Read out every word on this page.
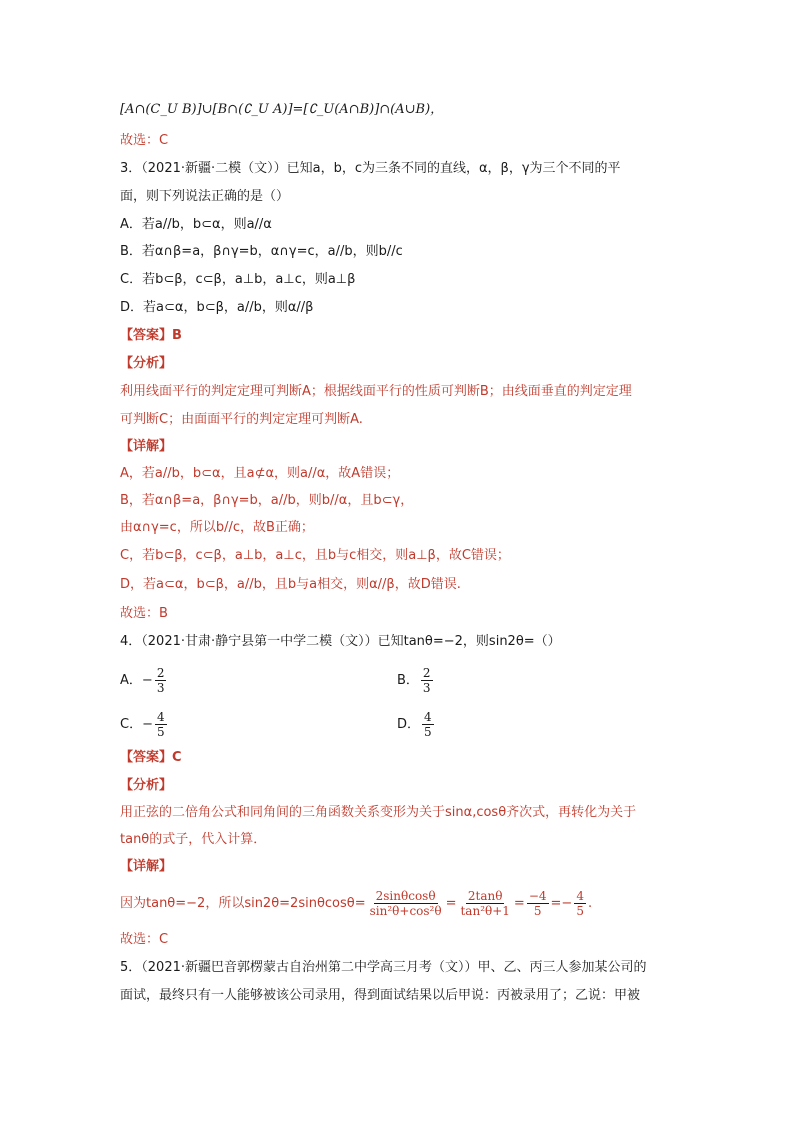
[A∩(C_U B)]∪[B∩(∁_U A)]=[∁_U(A∩B)]∩(A∪B)，
故选：C
3．（2021·新疆·二模（文））已知a，b，c为三条不同的直线，α，β，γ为三个不同的平
面，则下列说法正确的是（）
A．若a//b，b⊂α，则a//α
B．若α∩β=a，β∩γ=b，α∩γ=c，a//b，则b//c
C．若b⊂β，c⊂β，a⊥b，a⊥c，则a⊥β
D．若a⊂α，b⊂β，a//b，则α//β
【答案】B
【分析】
利用线面平行的判定定理可判断A；根据线面平行的性质可判断B；由线面垂直的判定定理
可判断C；由面面平行的判定定理可判断A.
【详解】
A，若a//b，b⊂α，且a⊄α，则a//α，故A错误；
B，若α∩β=a，β∩γ=b，a//b，则b//α，且b⊂γ，
由α∩γ=c，所以b//c，故B正确；
C，若b⊂β，c⊂β，a⊥b，a⊥c，且b与c相交，则a⊥β，故C错误；
D，若a⊂α，b⊂β，a//b，且b与a相交，则α//β，故D错误.
故选：B
4．（2021·甘肃·静宁县第一中学二模（文））已知tanθ=−2，则sin2θ=（）
A．− $\frac{2}{3}$	B． $\frac{2}{3}$
C．− $\frac{4}{5}$	D． $\frac{4}{5}$
【答案】C
【分析】
用正弦的二倍角公式和同角间的三角函数关系变形为关于sinα,cosθ齐次式，再转化为关于
tanθ的式子，代入计算．
【详解】
因为tanθ=−2，所以$\sin 2\theta=2\sin\theta\cos\theta= \frac{2\sin\theta\cos\theta}{\text{sin²θ+cos²θ}} = \frac{2\tan\theta}{\text{tan²θ+1}} = \frac{-4}{5} =- \frac{4}{5}$ .
故选：C
5．（2021·新疆巴音郭楞蒙古自治州第二中学高三月考（文））甲、乙、丙三人参加某公司的
面试，最终只有一人能够被该公司录用，得到面试结果以后甲说：丙被录用了；乙说：甲被
